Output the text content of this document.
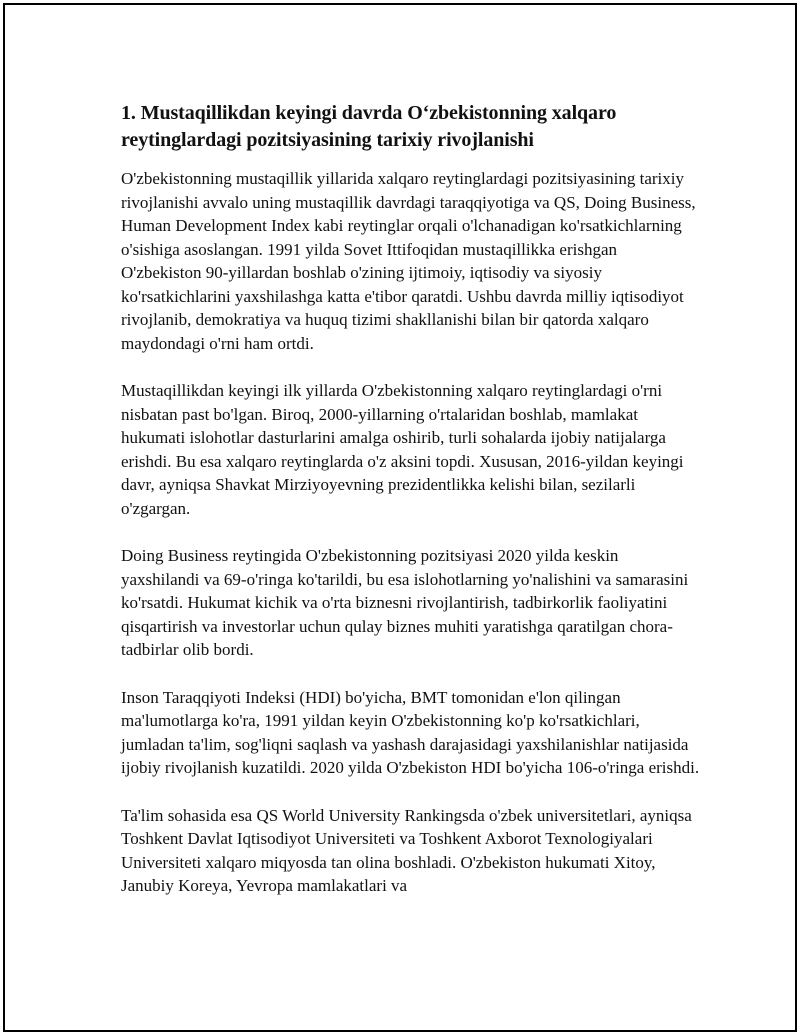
1. Mustaqillikdan keyingi davrda O‘zbekistonning xalqaro reytinglardagi pozitsiyasining tarixiy rivojlanishi

O'zbekistonning mustaqillik yillarida xalqaro reytinglardagi pozitsiyasining tarixiy rivojlanishi avvalo uning mustaqillik davrdagi taraqqiyotiga va QS, Doing Business, Human Development Index kabi reytinglar orqali o'lchanadigan ko'rsatkichlarning o'sishiga asoslangan. 1991 yilda Sovet Ittifoqidan mustaqillikka erishgan O'zbekiston 90-yillardan boshlab o'zining ijtimoiy, iqtisodiy va siyosiy ko'rsatkichlarini yaxshilashga katta e'tibor qaratdi. Ushbu davrda milliy iqtisodiyot rivojlanib, demokratiya va huquq tizimi shakllanishi bilan bir qatorda xalqaro maydondagi o'rni ham ortdi.

Mustaqillikdan keyingi ilk yillarda O'zbekistonning xalqaro reytinglardagi o'rni nisbatan past bo'lgan. Biroq, 2000-yillarning o'rtalaridan boshlab, mamlakat hukumati islohotlar dasturlarini amalga oshirib, turli sohalarda ijobiy natijalarga erishdi. Bu esa xalqaro reytinglarda o'z aksini topdi. Xususan, 2016-yildan keyingi davr, ayniqsa Shavkat Mirziyoyevning prezidentlikka kelishi bilan, sezilarli o'zgargan.

Doing Business reytingida O'zbekistonning pozitsiyasi 2020 yilda keskin yaxshilandi va 69-o'ringa ko'tarildi, bu esa islohotlarning yo'nalishini va samarasini ko'rsatdi. Hukumat kichik va o'rta biznesni rivojlantirish, tadbirkorlik faoliyatini qisqartirish va investorlar uchun qulay biznes muhiti yaratishga qaratilgan chora-tadbirlar olib bordi.

Inson Taraqqiyoti Indeksi (HDI) bo'yicha, BMT tomonidan e'lon qilingan ma'lumotlarga ko'ra, 1991 yildan keyin O'zbekistonning ko'p ko'rsatkichlari, jumladan ta'lim, sog'liqni saqlash va yashash darajasidagi yaxshilanishlar natijasida ijobiy rivojlanish kuzatildi. 2020 yilda O'zbekiston HDI bo'yicha 106-o'ringa erishdi.

Ta'lim sohasida esa QS World University Rankingsda o'zbek universitetlari, ayniqsa Toshkent Davlat Iqtisodiyot Universiteti va Toshkent Axborot Texnologiyalari Universiteti xalqaro miqyosda tan olina boshladi. O'zbekiston hukumati Xitoy, Janubiy Koreya, Yevropa mamlakatlari va
